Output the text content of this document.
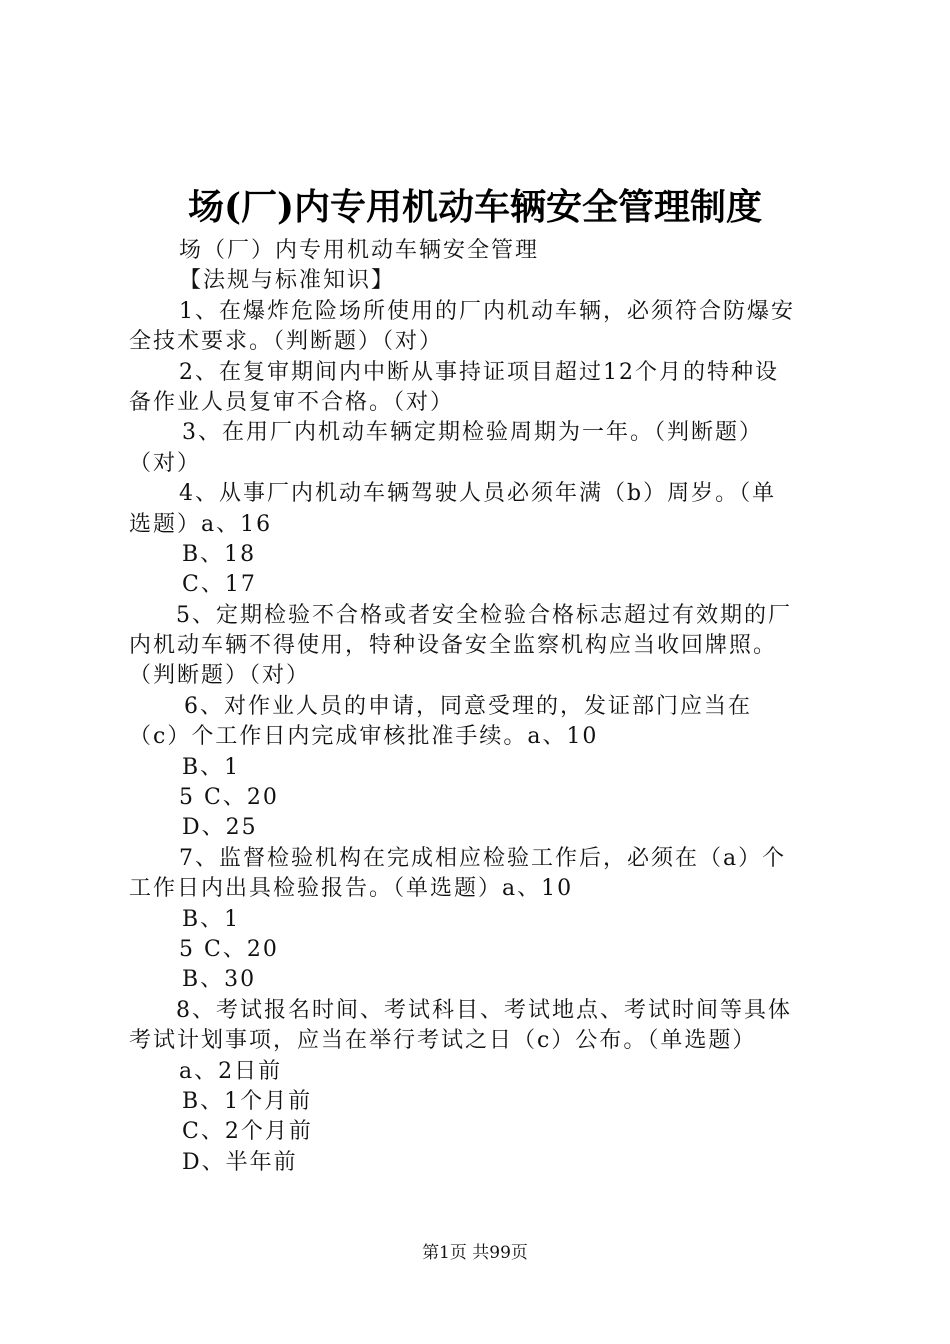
场(厂)内专用机动车辆安全管理制度
场（厂）内专用机动车辆安全管理
【法规与标准知识】
1、在爆炸危险场所使用的厂内机动车辆，必须符合防爆安
全技术要求。（判断题）（对）
2、在复审期间内中断从事持证项目超过12个月的特种设
备作业人员复审不合格。（对）
3、在用厂内机动车辆定期检验周期为一年。（判断题）
（对）
4、从事厂内机动车辆驾驶人员必须年满（b）周岁。（单
选题）a、16
B、18
C、17
5、定期检验不合格或者安全检验合格标志超过有效期的厂
内机动车辆不得使用，特种设备安全监察机构应当收回牌照。
（判断题）（对）
6、对作业人员的申请，同意受理的，发证部门应当在
（c）个工作日内完成审核批准手续。a、10
B、1
5 C、20
D、25
7、监督检验机构在完成相应检验工作后，必须在（a）个
工作日内出具检验报告。（单选题）a、10
B、1
5 C、20
B、30
8、考试报名时间、考试科目、考试地点、考试时间等具体
考试计划事项，应当在举行考试之日（c）公布。（单选题）
a、2日前
B、1个月前
C、2个月前
D、半年前
第1页 共99页
